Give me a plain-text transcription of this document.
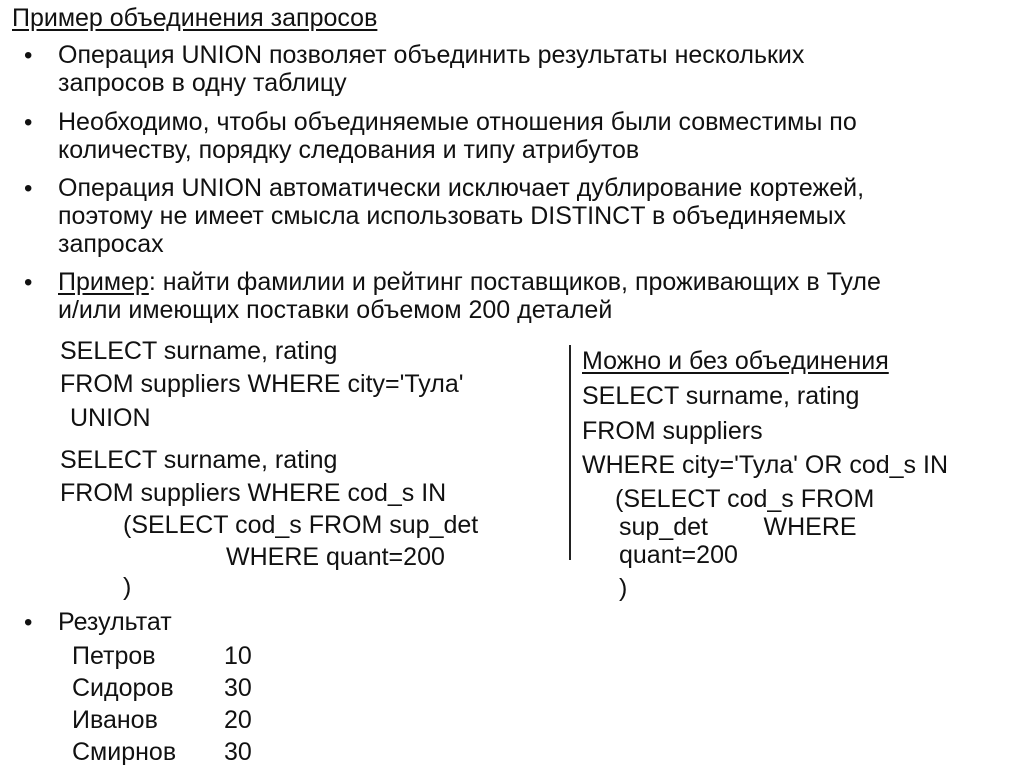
Пример объединения запросов
• Операция UNION позволяет объединить результаты нескольких
запросов в одну таблицу
• Необходимо, чтобы объединяемые отношения были совместимы по
количеству, порядку следования и типу атрибутов
• Операция UNION автоматически исключает дублирование кортежей,
поэтому не имеет смысла использовать DISTINCT в объединяемых
запросах
• Пример: найти фамилии и рейтинг поставщиков, проживающих в Туле
и/или имеющих поставки объемом 200 деталей
SELECT surname, rating
FROM suppliers WHERE city='Тула'
UNION
SELECT surname, rating
FROM suppliers WHERE cod_s IN
(SELECT cod_s FROM sup_det
WHERE quant=200
)
Можно и без объединения
SELECT surname, rating
FROM suppliers
WHERE city='Тула' OR cod_s IN
(SELECT cod_s FROM
sup_det        WHERE
quant=200
)
• Результат
Петров	10
Сидоров 30
Иванов	20
Смирнов 30
